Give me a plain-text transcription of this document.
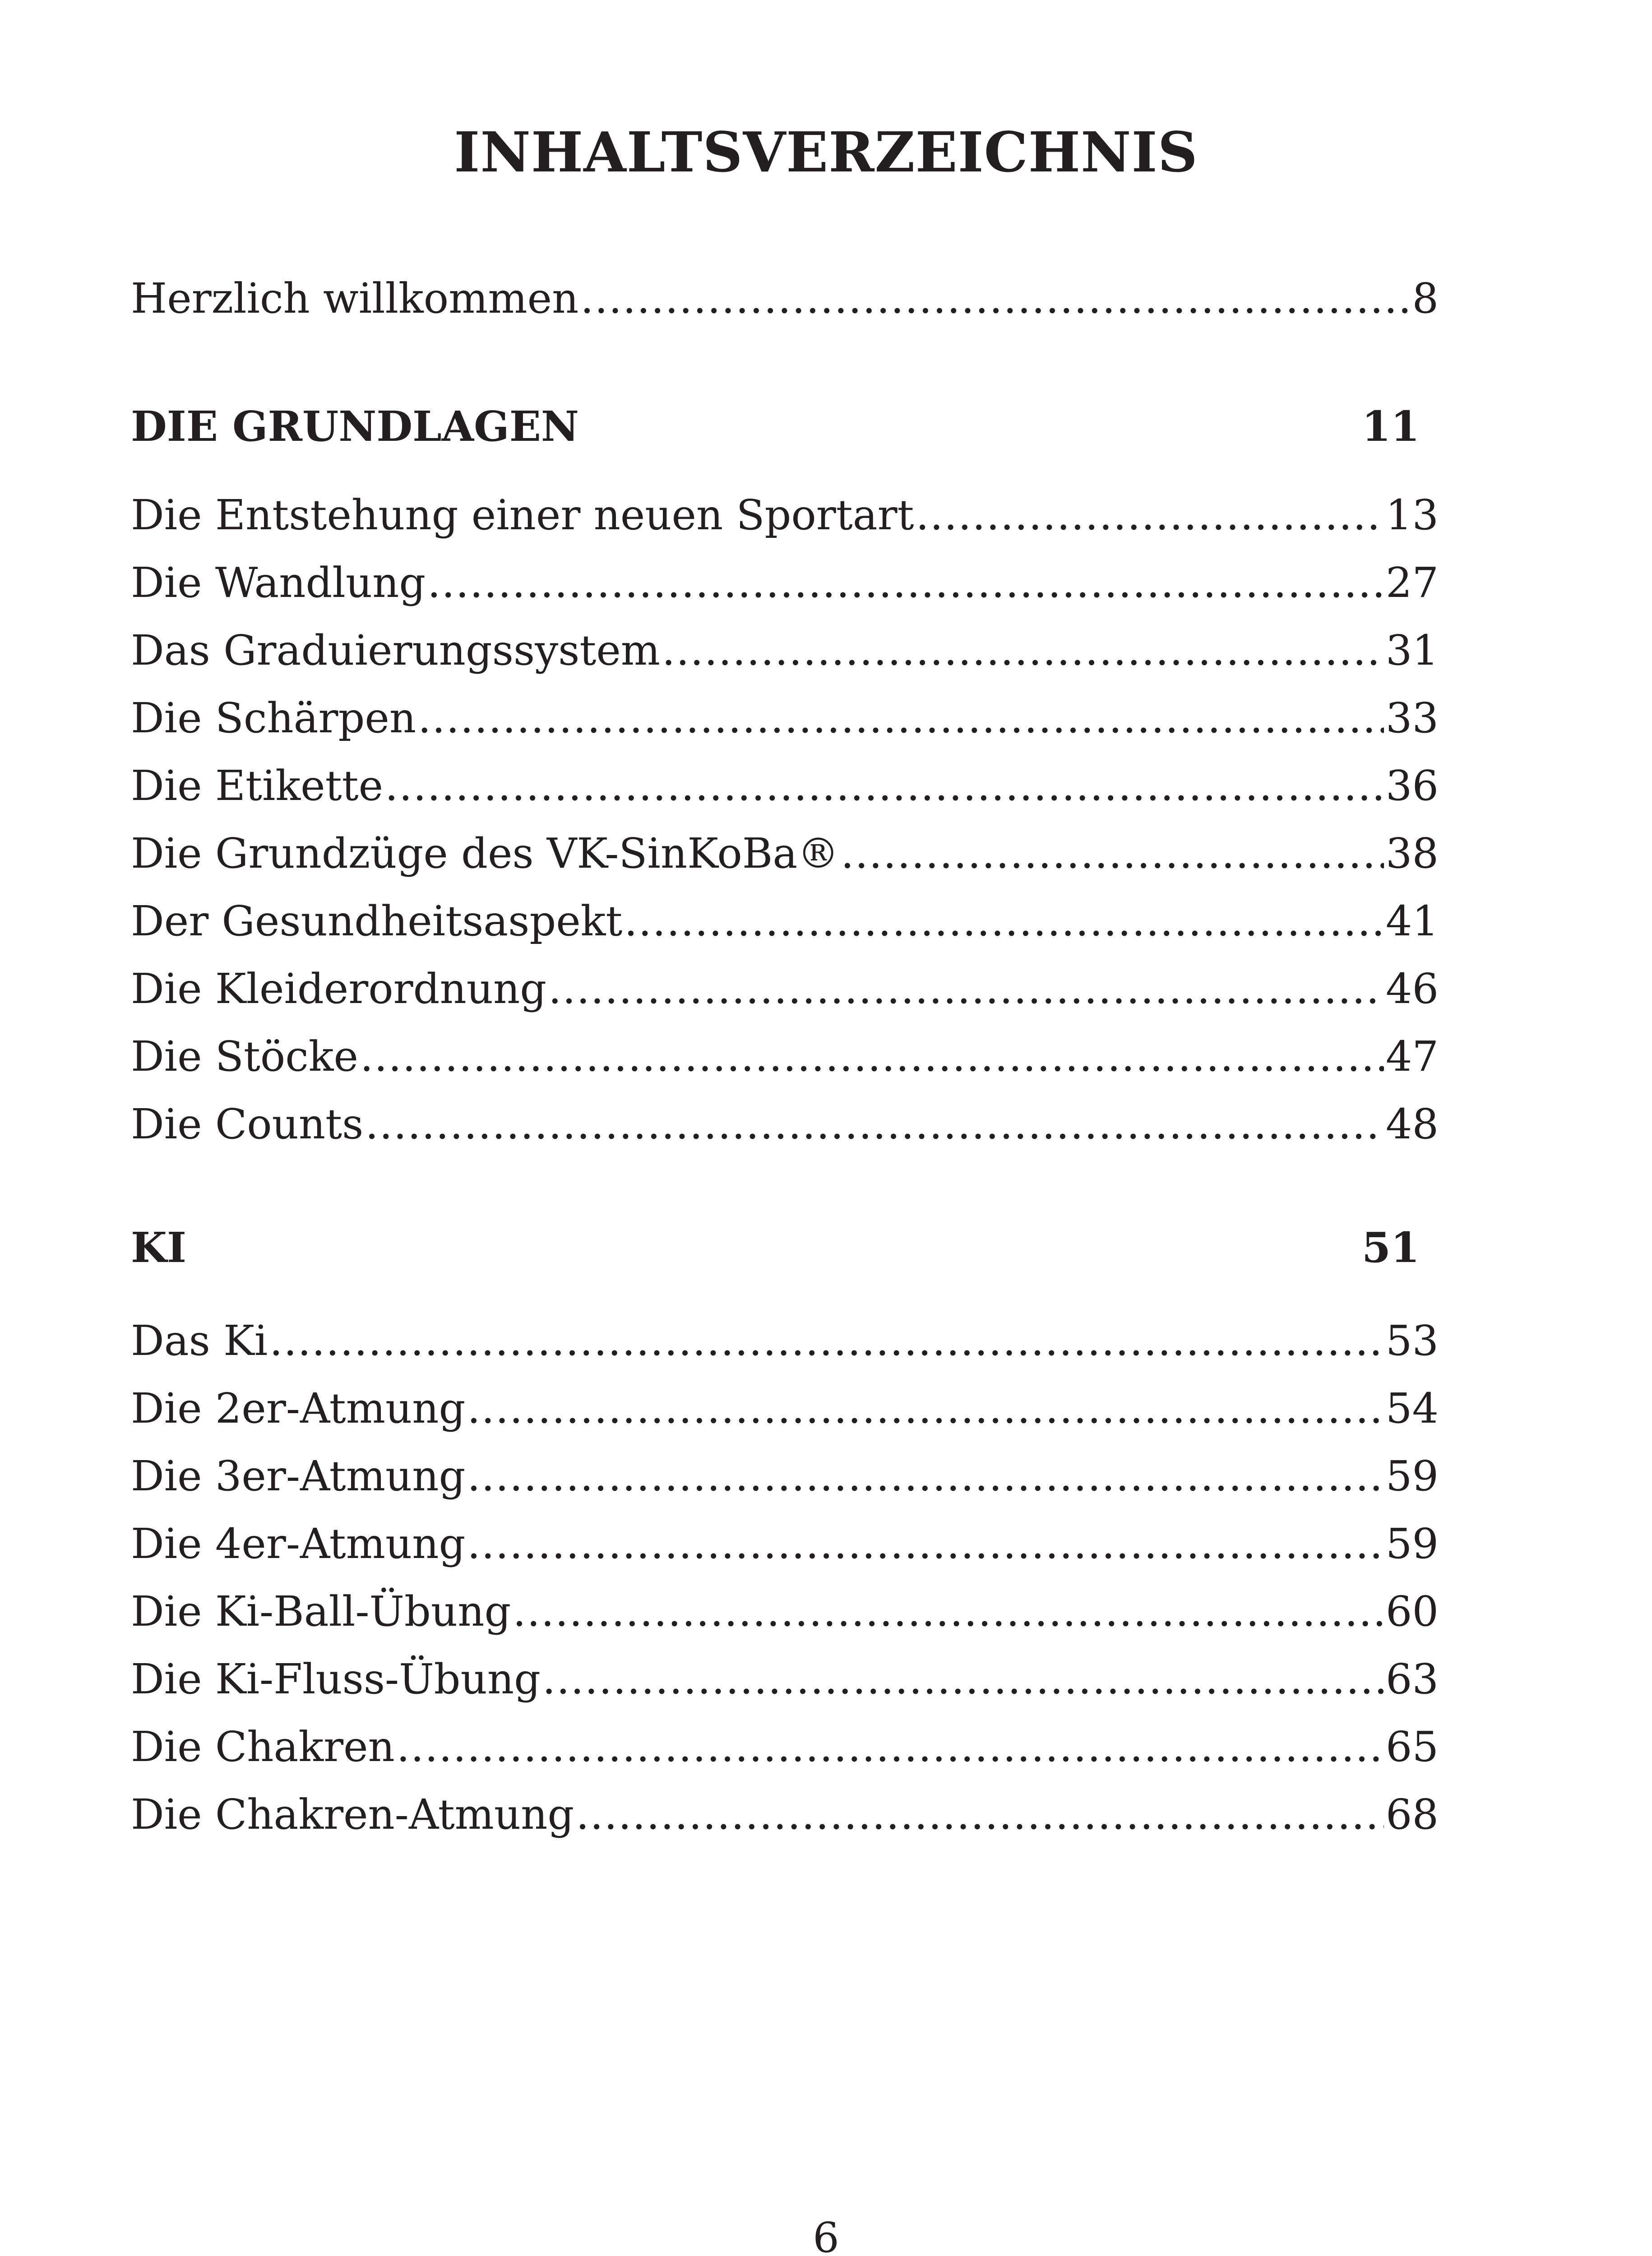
INHALTSVERZEICHNIS
Herzlich willkommen .....	8
DIE GRUNDLAGEN	11
Die Entstehung einer neuen Sportart .....	13
Die Wandlung .....	27
Das Graduierungssystem .....	31
Die Schärpen .....	33
Die Etikette .....	36
Die Grundzüge des VK-SinKoBa® .....	38
Der Gesundheitsaspekt .....	41
Die Kleiderordnung .....	46
Die Stöcke .....	47
Die Counts .....	48
KI	51
Das Ki .....	53
Die 2er-Atmung .....	54
Die 3er-Atmung .....	59
Die 4er-Atmung .....	59
Die Ki-Ball-Übung .....	60
Die Ki-Fluss-Übung .....	63
Die Chakren .....	65
Die Chakren-Atmung .....	68
6
